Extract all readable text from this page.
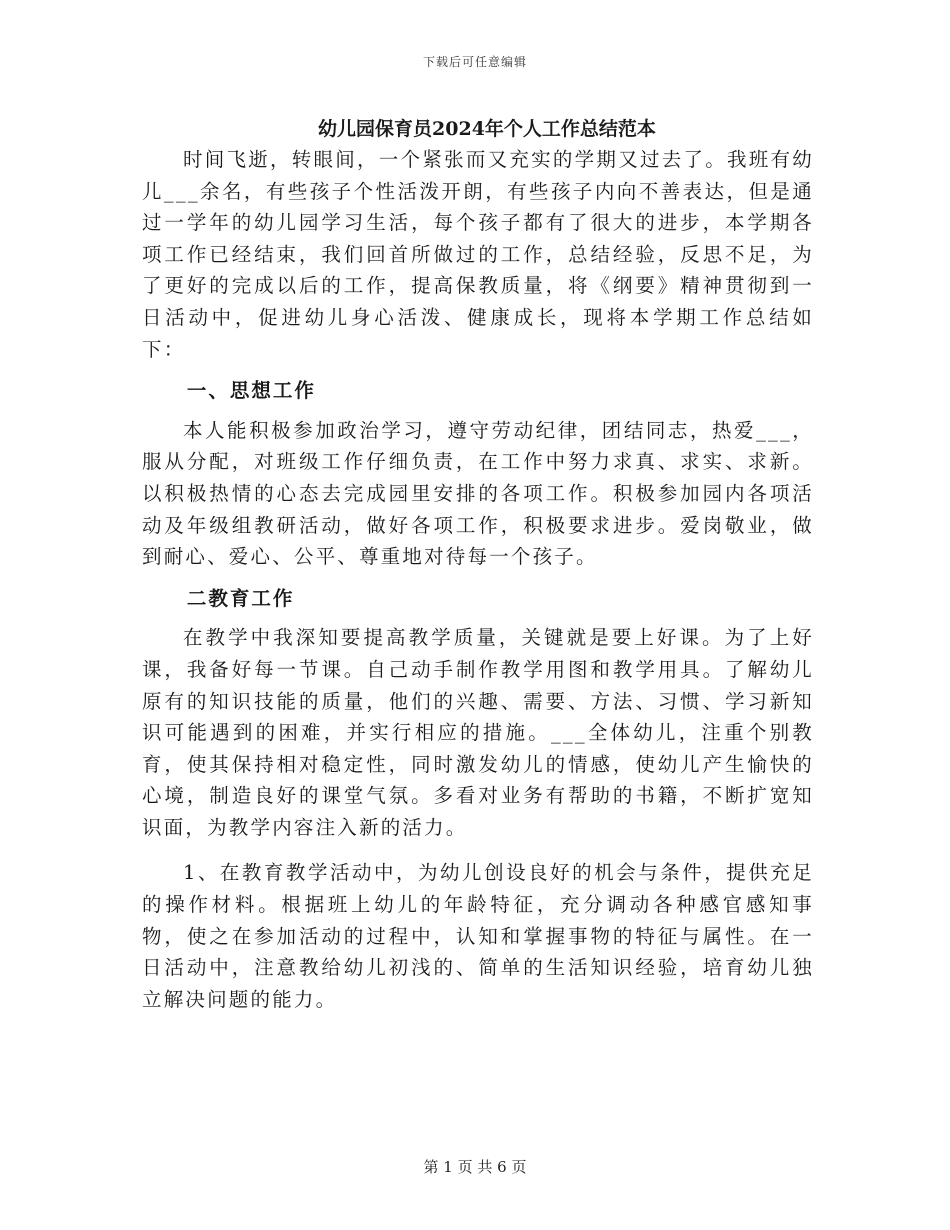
下载后可任意编辑
幼儿园保育员2024年个人工作总结范本

时间飞逝，转眼间，一个紧张而又充实的学期又过去了。我班有幼儿___余名，有些孩子个性活泼开朗，有些孩子内向不善表达，但是通过一学年的幼儿园学习生活，每个孩子都有了很大的进步，本学期各项工作已经结束，我们回首所做过的工作，总结经验，反思不足，为了更好的完成以后的工作，提高保教质量，将《纲要》精神贯彻到一日活动中，促进幼儿身心活泼、健康成长，现将本学期工作总结如下：

一、思想工作

本人能积极参加政治学习，遵守劳动纪律，团结同志，热爱___，服从分配，对班级工作仔细负责，在工作中努力求真、求实、求新。以积极热情的心态去完成园里安排的各项工作。积极参加园内各项活动及年级组教研活动，做好各项工作，积极要求进步。爱岗敬业，做到耐心、爱心、公平、尊重地对待每一个孩子。

二教育工作

在教学中我深知要提高教学质量，关键就是要上好课。为了上好课，我备好每一节课。自己动手制作教学用图和教学用具。了解幼儿原有的知识技能的质量，他们的兴趣、需要、方法、习惯、学习新知识可能遇到的困难，并实行相应的措施。___全体幼儿，注重个别教育，使其保持相对稳定性，同时激发幼儿的情感，使幼儿产生愉快的心境，制造良好的课堂气氛。多看对业务有帮助的书籍，不断扩宽知识面，为教学内容注入新的活力。

1、在教育教学活动中，为幼儿创设良好的机会与条件，提供充足的操作材料。根据班上幼儿的年龄特征，充分调动各种感官感知事物，使之在参加活动的过程中，认知和掌握事物的特征与属性。在一日活动中，注意教给幼儿初浅的、简单的生活知识经验，培育幼儿独立解决问题的能力。

第 1 页 共 6 页
